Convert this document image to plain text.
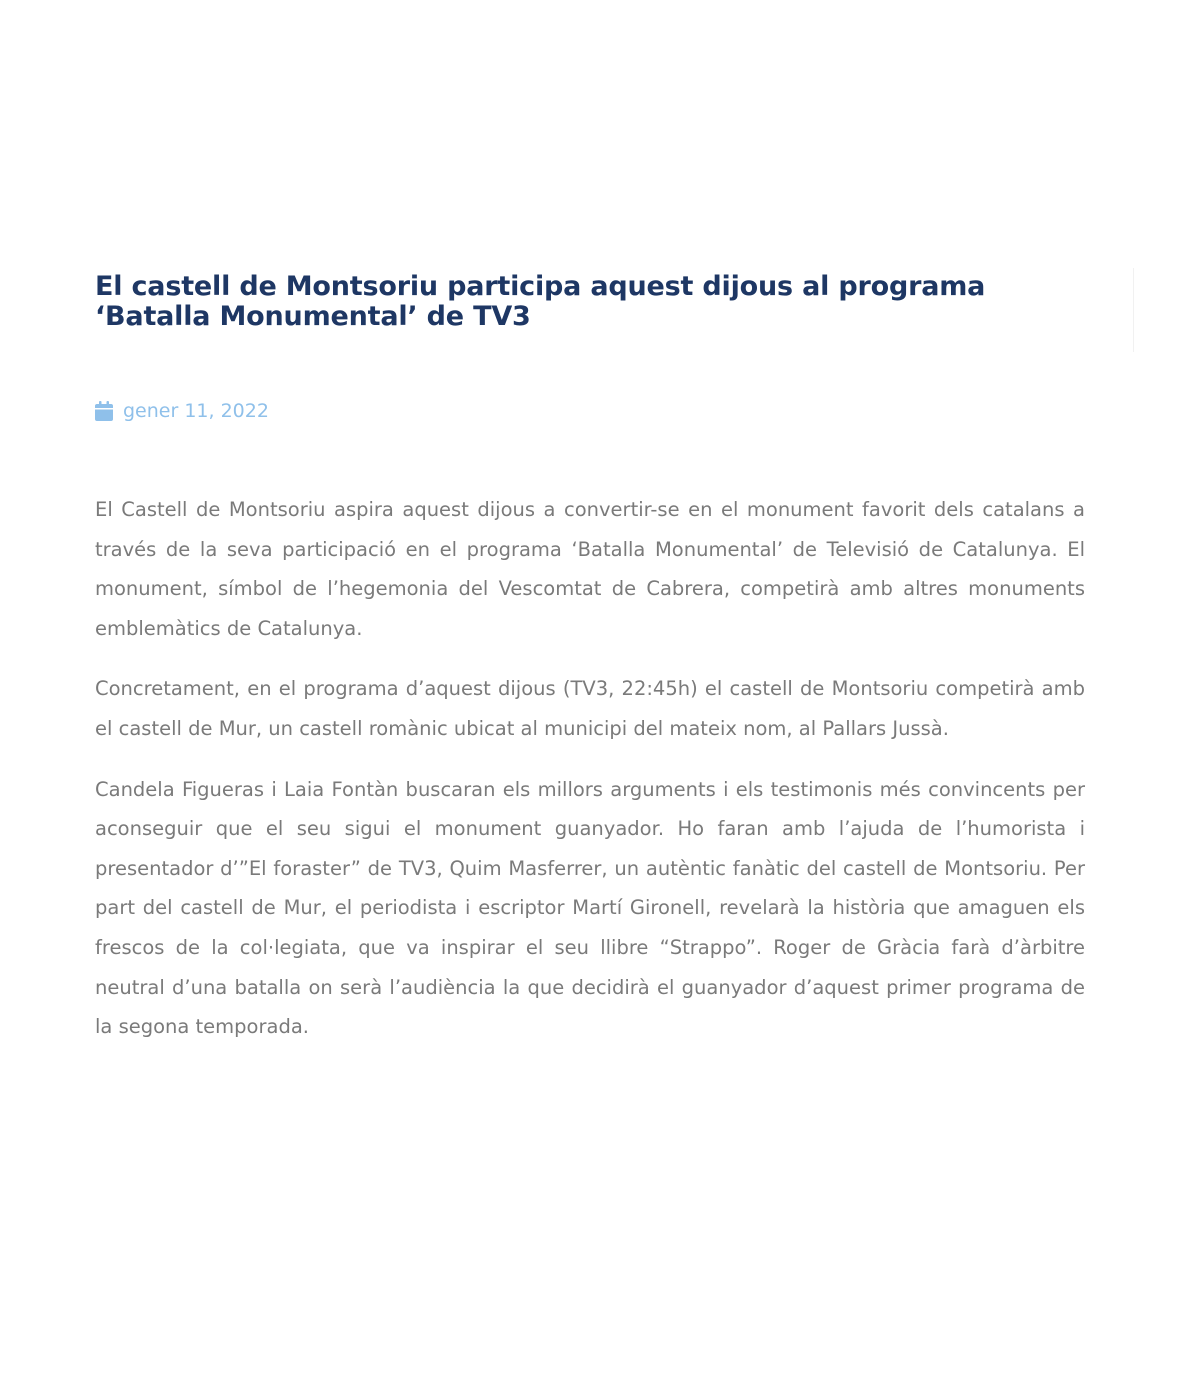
El castell de Montsoriu participa aquest dijous al programa ‘Batalla Monumental’ de TV3
gener 11, 2022

El Castell de Montsoriu aspira aquest dijous a convertir-se en el monument favorit dels catalans a través de la seva participació en el programa ‘Batalla Monumental’ de Televisió de Catalunya. El monument, símbol de l’hegemonia del Vescomtat de Cabrera, competirà amb altres monuments emblemàtics de Catalunya.

Concretament, en el programa d’aquest dijous (TV3, 22:45h) el castell de Montsoriu competirà amb el castell de Mur, un castell romànic ubicat al municipi del mateix nom, al Pallars Jussà.

Candela Figueras i Laia Fontàn buscaran els millors arguments i els testimonis més convincents per aconseguir que el seu sigui el monument guanyador. Ho faran amb l’ajuda de l’humorista i presentador d’”El foraster” de TV3, Quim Masferrer, un autèntic fanàtic del castell de Montsoriu. Per part del castell de Mur, el periodista i escriptor Martí Gironell, revelarà la història que amaguen els frescos de la col·legiata, que va inspirar el seu llibre “Strappo”. Roger de Gràcia farà d’àrbitre neutral d’una batalla on serà l’audiència la que decidirà el guanyador d’aquest primer programa de la segona temporada.
